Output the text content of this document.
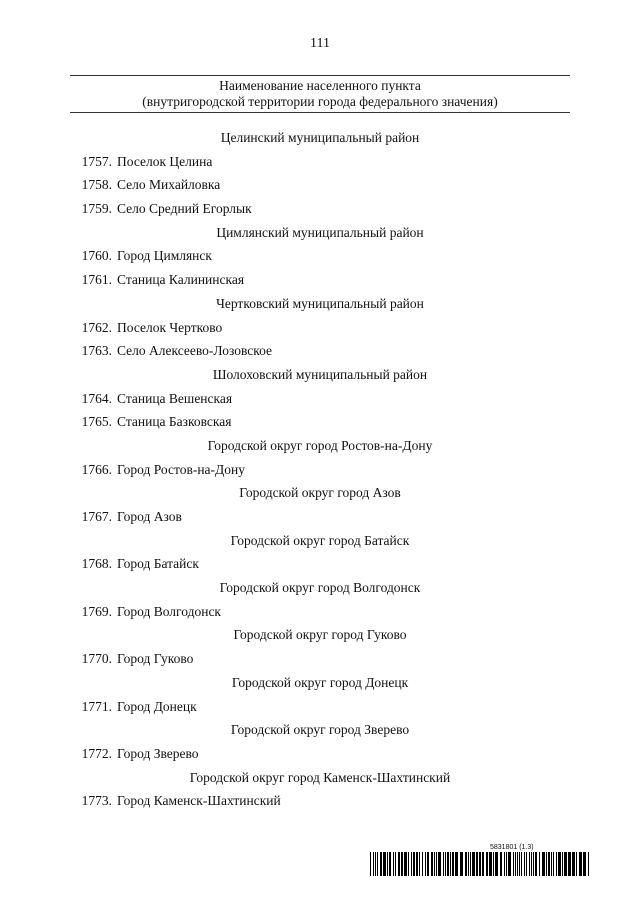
111
Наименование населенного пункта
(внутригородской территории города федерального значения)
Целинский муниципальный район
1757. Поселок Целина
1758. Село Михайловка
1759. Село Средний Егорлык
Цимлянский муниципальный район
1760. Город Цимлянск
1761. Станица Калининская
Чертковский муниципальный район
1762. Поселок Чертково
1763. Село Алексеево-Лозовское
Шолоховский муниципальный район
1764. Станица Вешенская
1765. Станица Базковская
Городской округ город Ростов-на-Дону
1766. Город Ростов-на-Дону
Городской округ город Азов
1767. Город Азов
Городской округ город Батайск
1768. Город Батайск
Городской округ город Волгодонск
1769. Город Волгодонск
Городской округ город Гуково
1770. Город Гуково
Городской округ город Донецк
1771. Город Донецк
Городской округ город Зверево
1772. Город Зверево
Городской округ город Каменск-Шахтинский
1773. Город Каменск-Шахтинский
5831801 (1.3)
